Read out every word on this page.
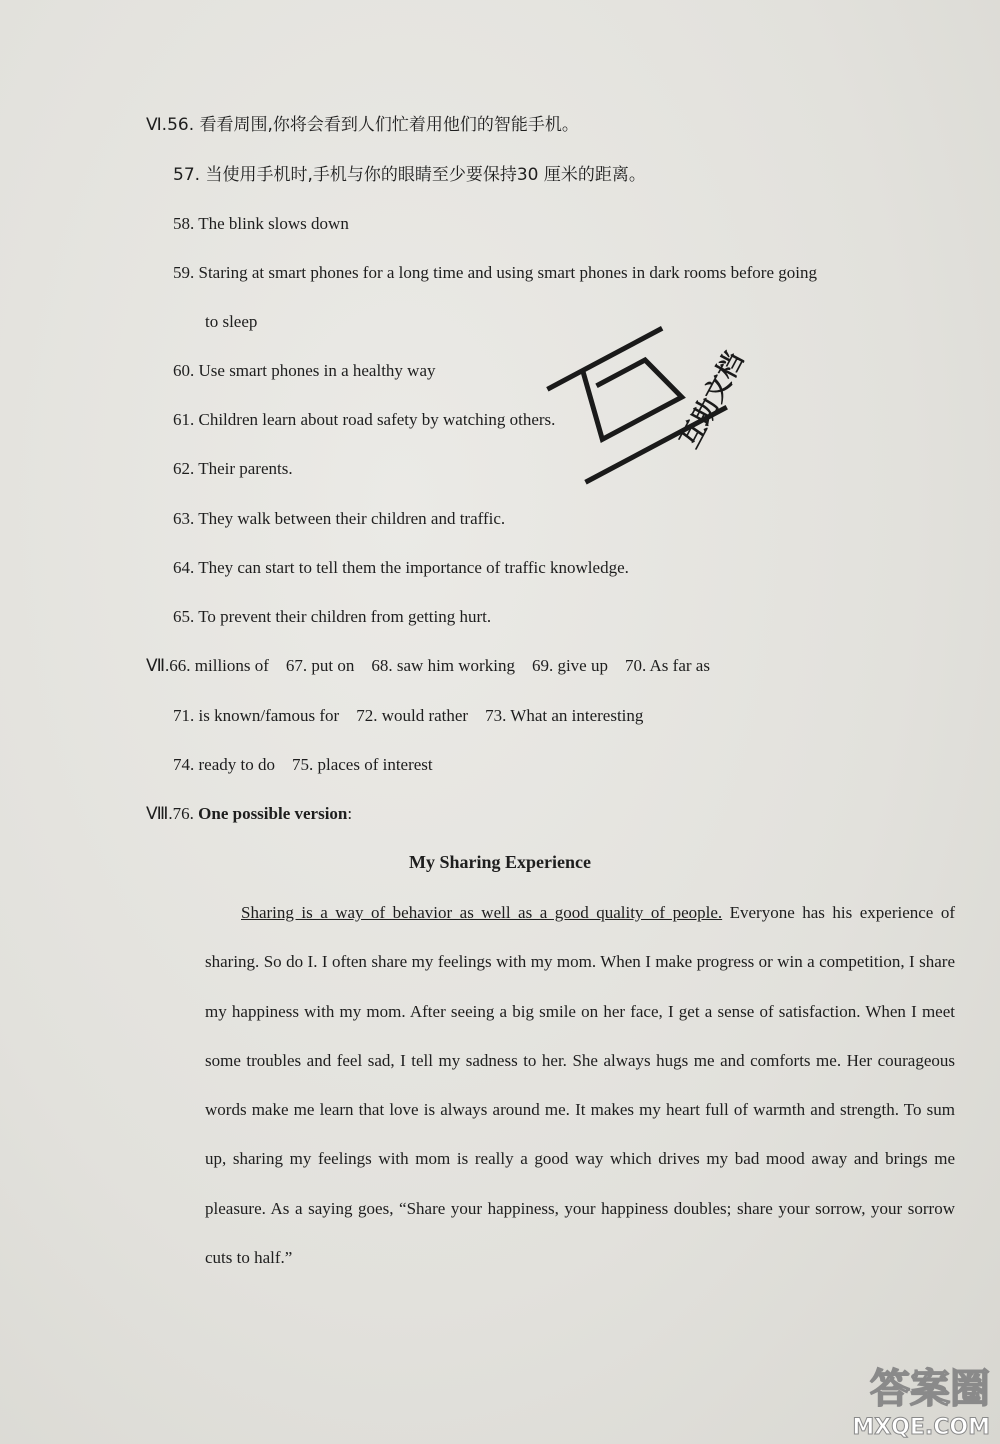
Ⅵ.56. 看看周围,你将会看到人们忙着用他们的智能手机。
57. 当使用手机时,手机与你的眼睛至少要保持30 厘米的距离。
58. The blink slows down
59. Staring at smart phones for a long time and using smart phones in dark rooms before going
to sleep
60. Use smart phones in a healthy way
61. Children learn about road safety by watching others.
62. Their parents.
63. They walk between their children and traffic.
64. They can start to tell them the importance of traffic knowledge.
65. To prevent their children from getting hurt.
Ⅶ.66. millions of    67. put on    68. saw him working    69. give up    70. As far as
71. is known/famous for    72. would rather    73. What an interesting
74. ready to do    75. places of interest
Ⅷ.76. One possible version:
My Sharing Experience
Sharing is a way of behavior as well as a good quality of people. Everyone has his experience of sharing. So do I. I often share my feelings with my mom. When I make progress or win a competition, I share my happiness with my mom. After seeing a big smile on her face, I get a sense of satisfaction. When I meet some troubles and feel sad, I tell my sadness to her. She always hugs me and comforts me. Her courageous words make me learn that love is always around me. It makes my heart full of warmth and strength. To sum up, sharing my feelings with mom is really a good way which drives my bad mood away and brings me pleasure. As a saying goes, “Share your happiness, your happiness doubles; share your sorrow, your sorrow cuts to half.”
互助文档
答案圈
MXQE.COM
